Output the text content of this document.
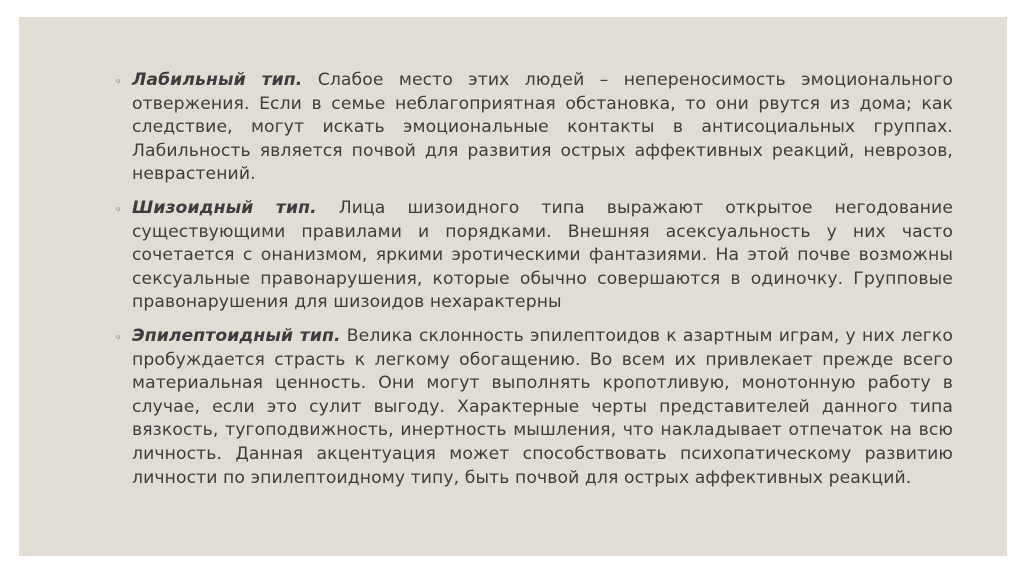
◦ Лабильный тип. Слабое место этих людей – непереносимость эмоционального отвержения. Если в семье неблагоприятная обстановка, то они рвутся из дома; как следствие, могут искать эмоциональные контакты в антисоциальных группах. Лабильность является почвой для развития острых аффективных реакций, неврозов, неврастений.

◦ Шизоидный тип. Лица шизоидного типа выражают открытое негодование существующими правилами и порядками. Внешняя асексуальность у них часто сочетается с онанизмом, яркими эротическими фантазиями. На этой почве возможны сексуальные правонарушения, которые обычно совершаются в одиночку. Групповые правонарушения для шизоидов нехарактерны

◦ Эпилептоидный тип. Велика склонность эпилептоидов к азартным играм, у них легко пробуждается страсть к легкому обогащению. Во всем их привлекает прежде всего материальная ценность. Они могут выполнять кропотливую, монотонную работу в случае, если это сулит выгоду. Характерные черты представителей данного типа вязкость, тугоподвижность, инертность мышления, что накладывает отпечаток на всю личность. Данная акцентуация может способствовать психопатическому развитию личности по эпилептоидному типу, быть почвой для острых аффективных реакций.
